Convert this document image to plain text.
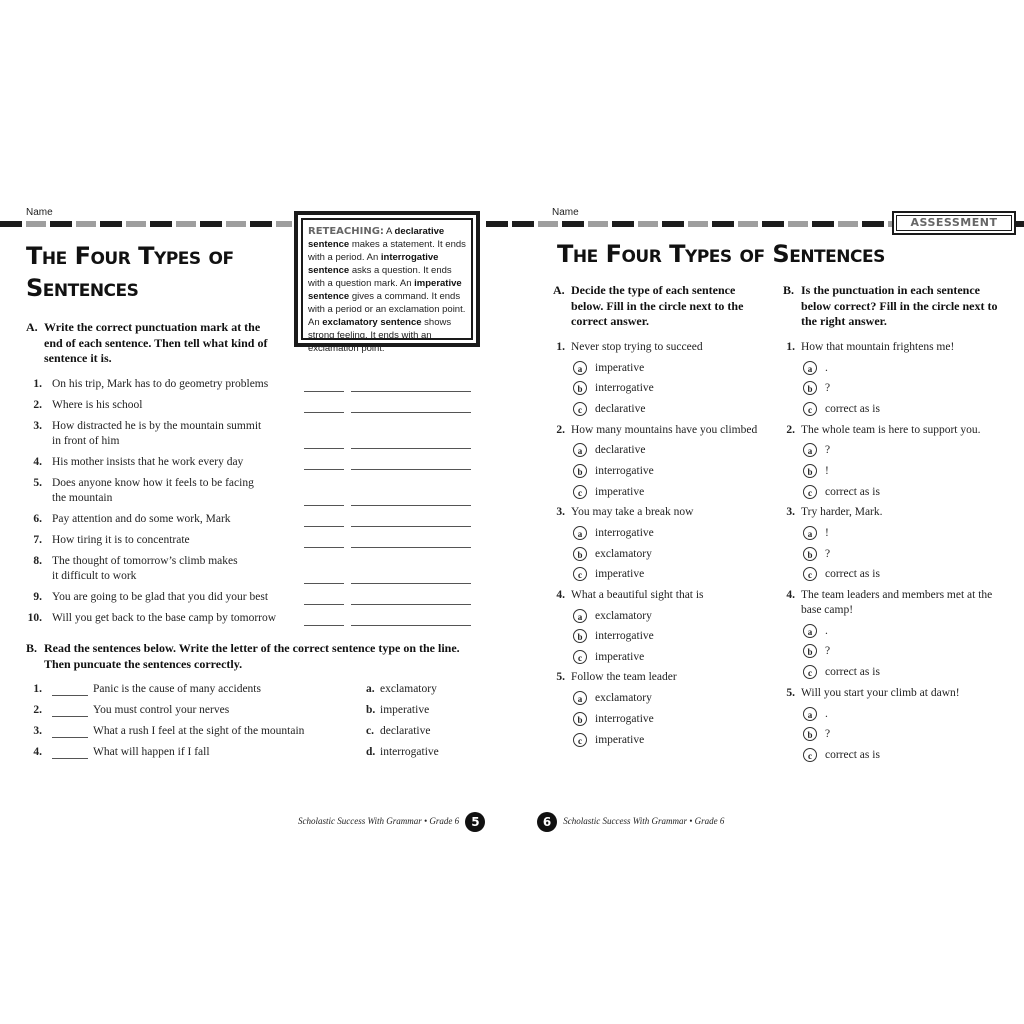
Name
The Four Types of
Sentences
RETEACHING: A declarative sentence makes a statement. It ends with a period. An interrogative sentence asks a question. It ends with a question mark. An imperative sentence gives a command. It ends with a period or an exclamation point. An exclamatory sentence shows strong feeling. It ends with an exclamation point.
A. Write the correct punctuation mark at the end of each sentence. Then tell what kind of sentence it is.
1. On his trip, Mark has to do geometry problems
2. Where is his school
3. How distracted he is by the mountain summit
in front of him
4. His mother insists that he work every day
5. Does anyone know how it feels to be facing
the mountain
6. Pay attention and do some work, Mark
7. How tiring it is to concentrate
8. The thought of tomorrow’s climb makes
it difficult to work
9. You are going to be glad that you did your best
10. Will you get back to the base camp by tomorrow
B. Read the sentences below. Write the letter of the correct sentence type on the line. Then puncuate the sentences correctly.
1.	Panic is the cause of many accidents	a. exclamatory
2.	You must control your nerves	b. imperative
3.	What a rush I feel at the sight of the mountain	c. declarative
4.	What will happen if I fall	d. interrogative
Scholastic Success With Grammar • Grade 6 5
Name
The Four Types of Sentences
A. Decide the type of each sentence below. Fill in the circle next to the correct answer.
B. Is the punctuation in each sentence below correct? Fill in the circle next to the right answer.
1. Never stop trying to succeed
a	imperative
b	interrogative
c	declarative
2. How many mountains have you climbed
a	declarative
b	interrogative
c	imperative
3. You may take a break now
a	interrogative
b	exclamatory
c	imperative
4. What a beautiful sight that is
a	exclamatory
b	interrogative
c	imperative
5. Follow the team leader
a	exclamatory
b	interrogative
c	imperative
1. How that mountain frightens me!
a	.
b	?
c	correct as is
2. The whole team is here to support you.
a	?
b	!
c	correct as is
3. Try harder, Mark.
a	!
b	?
c	correct as is
4. The team leaders and members met at the
base camp!
a	.
b	?
c	correct as is
5. Will you start your climb at dawn!
a	.
b	?
c	correct as is
6 Scholastic Success With Grammar • Grade 6
ASSESSMENT
